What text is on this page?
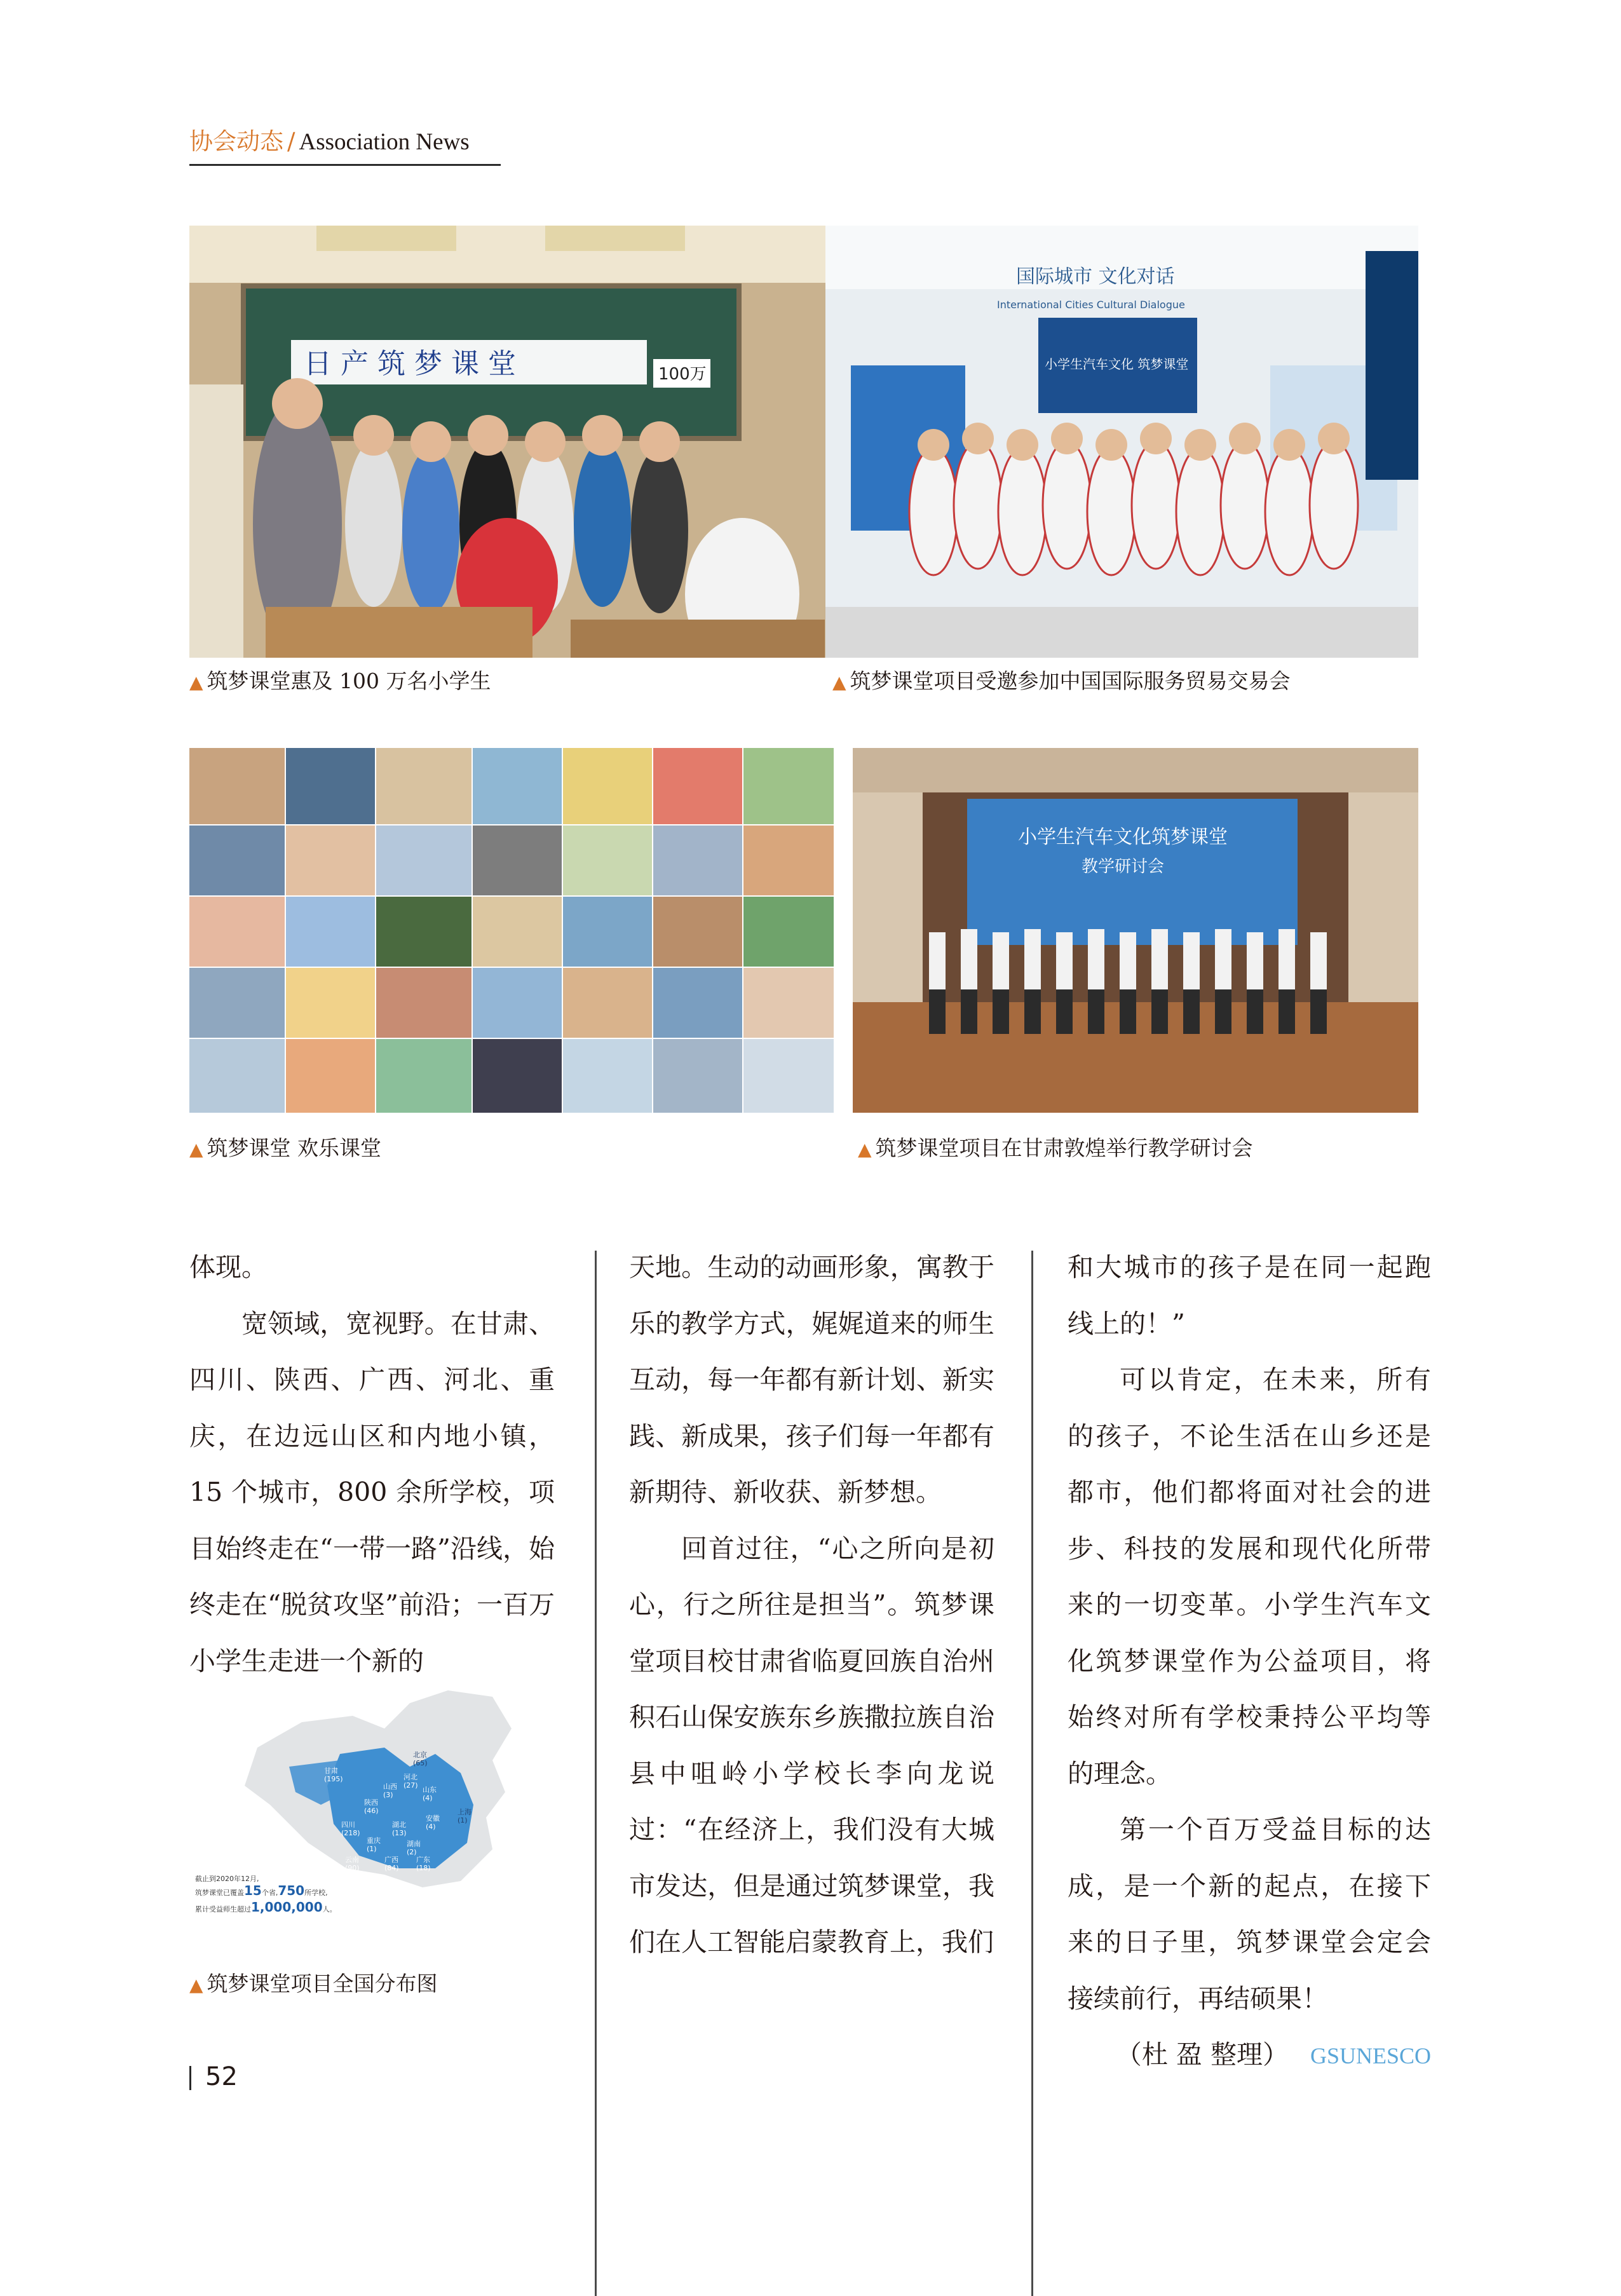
协会动态 / Association News
日 产 筑 梦 课 堂	100万
国际城市 文化对话
International Cities Cultural Dialogue
小学生汽车文化 筑梦课堂
▲ 筑梦课堂惠及 100 万名小学生	▲ 筑梦课堂项目受邀参加中国国际服务贸易交易会
小学生汽车文化筑梦课堂
教学研讨会
▲ 筑梦课堂 欢乐课堂	▲ 筑梦课堂项目在甘肃敦煌举行教学研讨会

体现。

宽领域，宽视野。在甘肃、四川、陕西、广西、河北、重庆，在边远山区和内地小镇，15 个城市，800 余所学校，项目始终走在“一带一路”沿线，始终走在“脱贫攻坚”前沿；一百万小学生走进一个新的

甘肃
(195)
北京
(65)
河北
(27)
山西
(3)
山东
(4)
陕西
(46)
四川
(218)
湖北
(13)
安徽
(4)
上海
(1)
重庆
(1)
湖南
(2)
云南
(90)
广西
(84)
广东
(18)
截止到2020年12月,
筑梦课堂已覆盖15个省,750所学校,
累计受益师生超过1,000,000人。
▲ 筑梦课堂项目全国分布图

天地。生动的动画形象，寓教于乐的教学方式，娓娓道来的师生互动，每一年都有新计划、新实践、新成果，孩子们每一年都有新期待、新收获、新梦想。

回首过往，“心之所向是初心，行之所往是担当”。筑梦课堂项目校甘肃省临夏回族自治州积石山保安族东乡族撒拉族自治县中咀岭小学校长李向龙说过：“在经济上，我们没有大城市发达，但是通过筑梦课堂，我们在人工智能启蒙教育上，我们

和大城市的孩子是在同一起跑线上的！”

可以肯定，在未来，所有的孩子，不论生活在山乡还是都市，他们都将面对社会的进步、科技的发展和现代化所带来的一切变革。小学生汽车文化筑梦课堂作为公益项目，将始终对所有学校秉持公平均等的理念。

第一个百万受益目标的达成，是一个新的起点，在接下来的日子里，筑梦课堂会定会接续前行，再结硕果！

（杜 盈 整理） GSUNESCO

52
